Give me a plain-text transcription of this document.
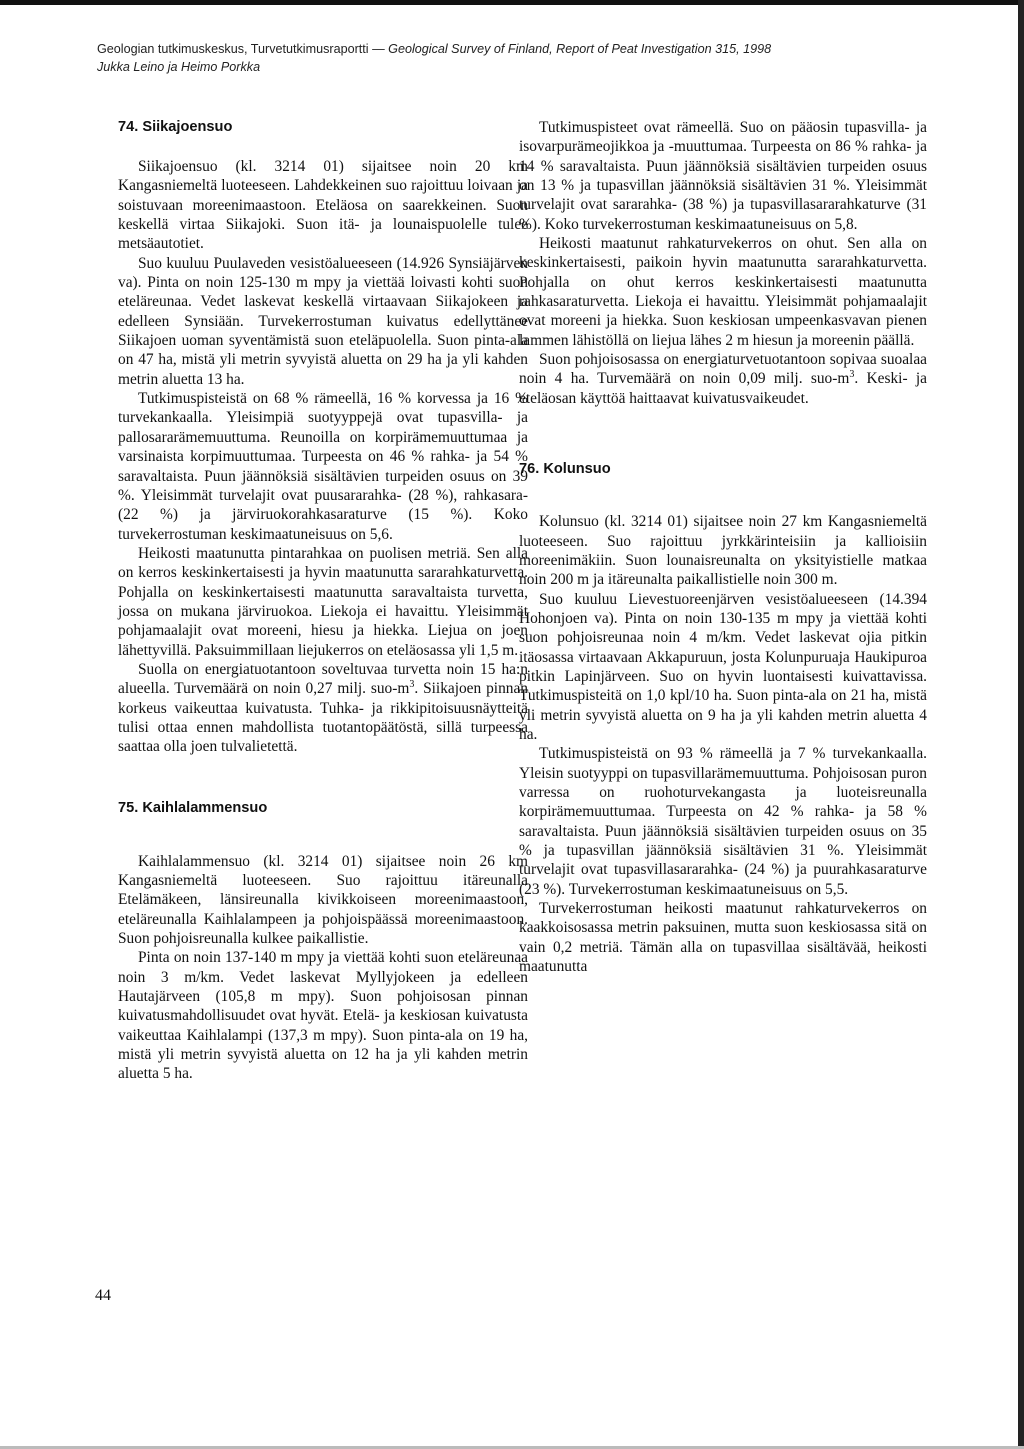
Geologian tutkimuskeskus, Turvetutkimusraportti — Geological Survey of Finland, Report of Peat Investigation 315, 1998
Jukka Leino ja Heimo Porkka
74. Siikajoensuo

Siikajoensuo (kl. 3214 01) sijaitsee noin 20 km Kangasniemeltä luoteeseen. Lahdekkeinen suo rajoittuu loivaan ja soistuvaan moreenimaastoon. Eteläosa on saarekkeinen. Suon keskellä virtaa Siikajoki. Suon itä- ja lounaispuolelle tulee metsäautotiet.

Suo kuuluu Puulaveden vesistöalueeseen (14.926 Synsiäjärven va). Pinta on noin 125-130 m mpy ja viettää loivasti kohti suon eteläreunaa. Vedet laskevat keskellä virtaavaan Siikajokeen ja edelleen Synsiään. Turvekerrostuman kuivatus edellyttänee Siikajoen uoman syventämistä suon eteläpuolella. Suon pinta-ala on 47 ha, mistä yli metrin syvyistä aluetta on 29 ha ja yli kahden metrin aluetta 13 ha.

Tutkimuspisteistä on 68 % rämeellä, 16 % korvessa ja 16 % turvekankaalla. Yleisimpiä suotyyppejä ovat tupasvilla- ja pallosararämemuuttuma. Reunoilla on korpirämemuuttumaa ja varsinaista korpimuuttumaa. Turpeesta on 46 % rahka- ja 54 % saravaltaista. Puun jäännöksiä sisältävien turpeiden osuus on 39 %. Yleisimmät turvelajit ovat puusararahka- (28 %), rahkasara- (22 %) ja järviruokorahkasaraturve (15 %). Koko turvekerrostuman keskimaatuneisuus on 5,6.

Heikosti maatunutta pintarahkaa on puolisen metriä. Sen alla on kerros keskinkertaisesti ja hyvin maatunutta sararahkaturvetta. Pohjalla on keskinkertaisesti maatunutta saravaltaista turvetta, jossa on mukana järviruokoa. Liekoja ei havaittu. Yleisimmät pohjamaalajit ovat moreeni, hiesu ja hiekka. Liejua on joen lähettyvillä. Paksuimmillaan liejukerros on eteläosassa yli 1,5 m.

Suolla on energiatuotantoon soveltuvaa turvetta noin 15 ha:n alueella. Turvemäärä on noin 0,27 milj. suo-$m^3$. Siikajoen pinnan korkeus vaikeuttaa kuivatusta. Tuhka- ja rikkipitoisuusnäytteitä tulisi ottaa ennen mahdollista tuotantopäätöstä, sillä turpeessa saattaa olla joen tulvalietettä.

75. Kaihlalammensuo

Kaihlalammensuo (kl. 3214 01) sijaitsee noin 26 km Kangasniemeltä luoteeseen. Suo rajoittuu itäreunalla Etelämäkeen, länsireunalla kivikkoiseen moreenimaastoon, eteläreunalla Kaihlalampeen ja pohjoispäässä moreenimaastoon. Suon pohjoisreunalla kulkee paikallistie.

Pinta on noin 137-140 m mpy ja viettää kohti suon eteläreunaa noin 3 m/km. Vedet laskevat Myllyjokeen ja edelleen Hautajärveen (105,8 m mpy). Suon pohjoisosan pinnan kuivatusmahdollisuudet ovat hyvät. Etelä- ja keskiosan kuivatusta vaikeuttaa Kaihlalampi (137,3 m mpy). Suon pinta-ala on 19 ha, mistä yli metrin syvyistä aluetta on 12 ha ja yli kahden metrin aluetta 5 ha.

Tutkimuspisteet ovat rämeellä. Suo on pääosin tupasvilla- ja isovarpurämeojikkoa ja -muuttumaa. Turpeesta on 86 % rahka- ja 14 % saravaltaista. Puun jäännöksiä sisältävien turpeiden osuus on 13 % ja tupasvillan jäännöksiä sisältävien 31 %. Yleisimmät turvelajit ovat sararahka- (38 %) ja tupasvillasararahkaturve (31 %). Koko turvekerrostuman keskimaatuneisuus on 5,8.

Heikosti maatunut rahkaturvekerros on ohut. Sen alla on keskinkertaisesti, paikoin hyvin maatunutta sararahkaturvetta. Pohjalla on ohut kerros keskinkertaisesti maatunutta rahkasaraturvetta. Liekoja ei havaittu. Yleisimmät pohjamaalajit ovat moreeni ja hiekka. Suon keskiosan umpeenkasvavan pienen lammen lähistöllä on liejua lähes 2 m hiesun ja moreenin päällä.

Suon pohjoisosassa on energiaturvetuotantoon sopivaa suoalaa noin 4 ha. Turvemäärä on noin 0,09 milj. suo-$m^3$. Keski- ja eteläosan käyttöä haittaavat kuivatusvaikeudet.

76. Kolunsuo

Kolunsuo (kl. 3214 01) sijaitsee noin 27 km Kangasniemeltä luoteeseen. Suo rajoittuu jyrkkärinteisiin ja kallioisiin moreenimäkiin. Suon lounaisreunalta on yksityistielle matkaa noin 200 m ja itäreunalta paikallistielle noin 300 m.

Suo kuuluu Lievestuoreenjärven vesistöalueeseen (14.394 Hohonjoen va). Pinta on noin 130-135 m mpy ja viettää kohti suon pohjoisreunaa noin 4 m/km. Vedet laskevat ojia pitkin itäosassa virtaavaan Akkapuruun, josta Kolunpuruaja Haukipuroa pitkin Lapinjärveen. Suo on hyvin luontaisesti kuivattavissa. Tutkimuspisteitä on 1,0 kpl/10 ha. Suon pinta-ala on 21 ha, mistä yli metrin syvyistä aluetta on 9 ha ja yli kahden metrin aluetta 4 ha.

Tutkimuspisteistä on 93 % rämeellä ja 7 % turvekankaalla. Yleisin suotyyppi on tupasvillarämemuuttuma. Pohjoisosan puron varressa on ruohoturvekangasta ja luoteisreunalla korpirämemuuttumaa. Turpeesta on 42 % rahka- ja 58 % saravaltaista. Puun jäännöksiä sisältävien turpeiden osuus on 35 % ja tupasvillan jäännöksiä sisältävien 31 %. Yleisimmät turvelajit ovat tupasvillasararahka- (24 %) ja puurahkasaraturve (23 %). Turvekerrostuman keskimaatuneisuus on 5,5.

Turvekerrostuman heikosti maatunut rahkaturvekerros on kaakkoisosassa metrin paksuinen, mutta suon keskiosassa sitä on vain 0,2 metriä. Tämän alla on tupasvillaa sisältävää, heikosti maatunutta

44
